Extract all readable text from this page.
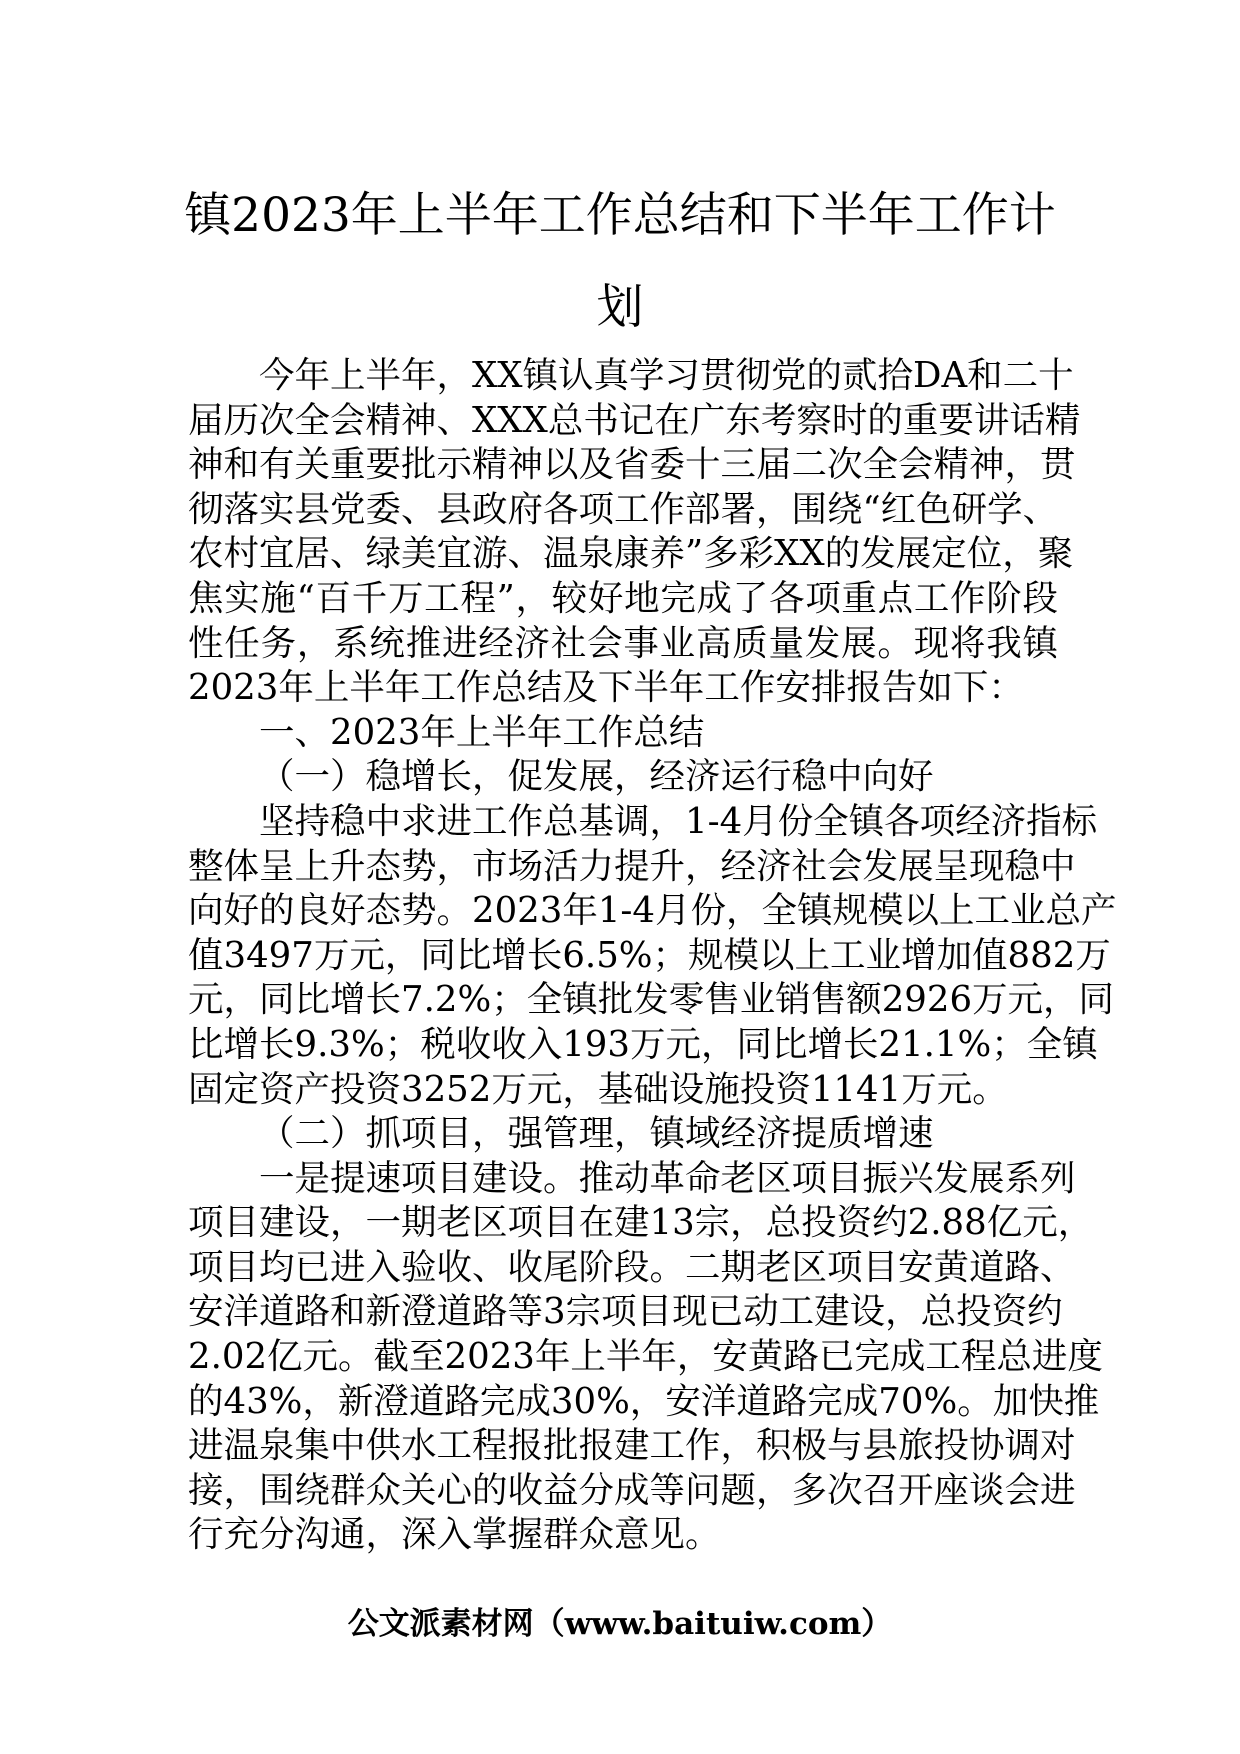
镇2023年上半年工作总结和下半年工作计
划
今年上半年，XX镇认真学习贯彻党的贰拾DA和二十
届历次全会精神、XXX总书记在广东考察时的重要讲话精
神和有关重要批示精神以及省委十三届二次全会精神，贯
彻落实县党委、县政府各项工作部署，围绕“红色研学、
农村宜居、绿美宜游、温泉康养”多彩XX的发展定位，聚
焦实施“百千万工程”，较好地完成了各项重点工作阶段
性任务，系统推进经济社会事业高质量发展。现将我镇
2023年上半年工作总结及下半年工作安排报告如下：
一、2023年上半年工作总结
（一）稳增长，促发展，经济运行稳中向好
坚持稳中求进工作总基调，1-4月份全镇各项经济指标
整体呈上升态势，市场活力提升，经济社会发展呈现稳中
向好的良好态势。2023年1-4月份，全镇规模以上工业总产
值3497万元，同比增长6.5%；规模以上工业增加值882万
元，同比增长7.2%；全镇批发零售业销售额2926万元，同
比增长9.3%；税收收入193万元，同比增长21.1%；全镇
固定资产投资3252万元，基础设施投资1141万元。
（二）抓项目，强管理，镇域经济提质增速
一是提速项目建设。推动革命老区项目振兴发展系列
项目建设，一期老区项目在建13宗，总投资约2.88亿元，
项目均已进入验收、收尾阶段。二期老区项目安黄道路、
安洋道路和新澄道路等3宗项目现已动工建设，总投资约
2.02亿元。截至2023年上半年，安黄路已完成工程总进度
的43%，新澄道路完成30%，安洋道路完成70%。加快推
进温泉集中供水工程报批报建工作，积极与县旅投协调对
接，围绕群众关心的收益分成等问题，多次召开座谈会进
行充分沟通，深入掌握群众意见。
公文派素材网（www.baituiw.com）
